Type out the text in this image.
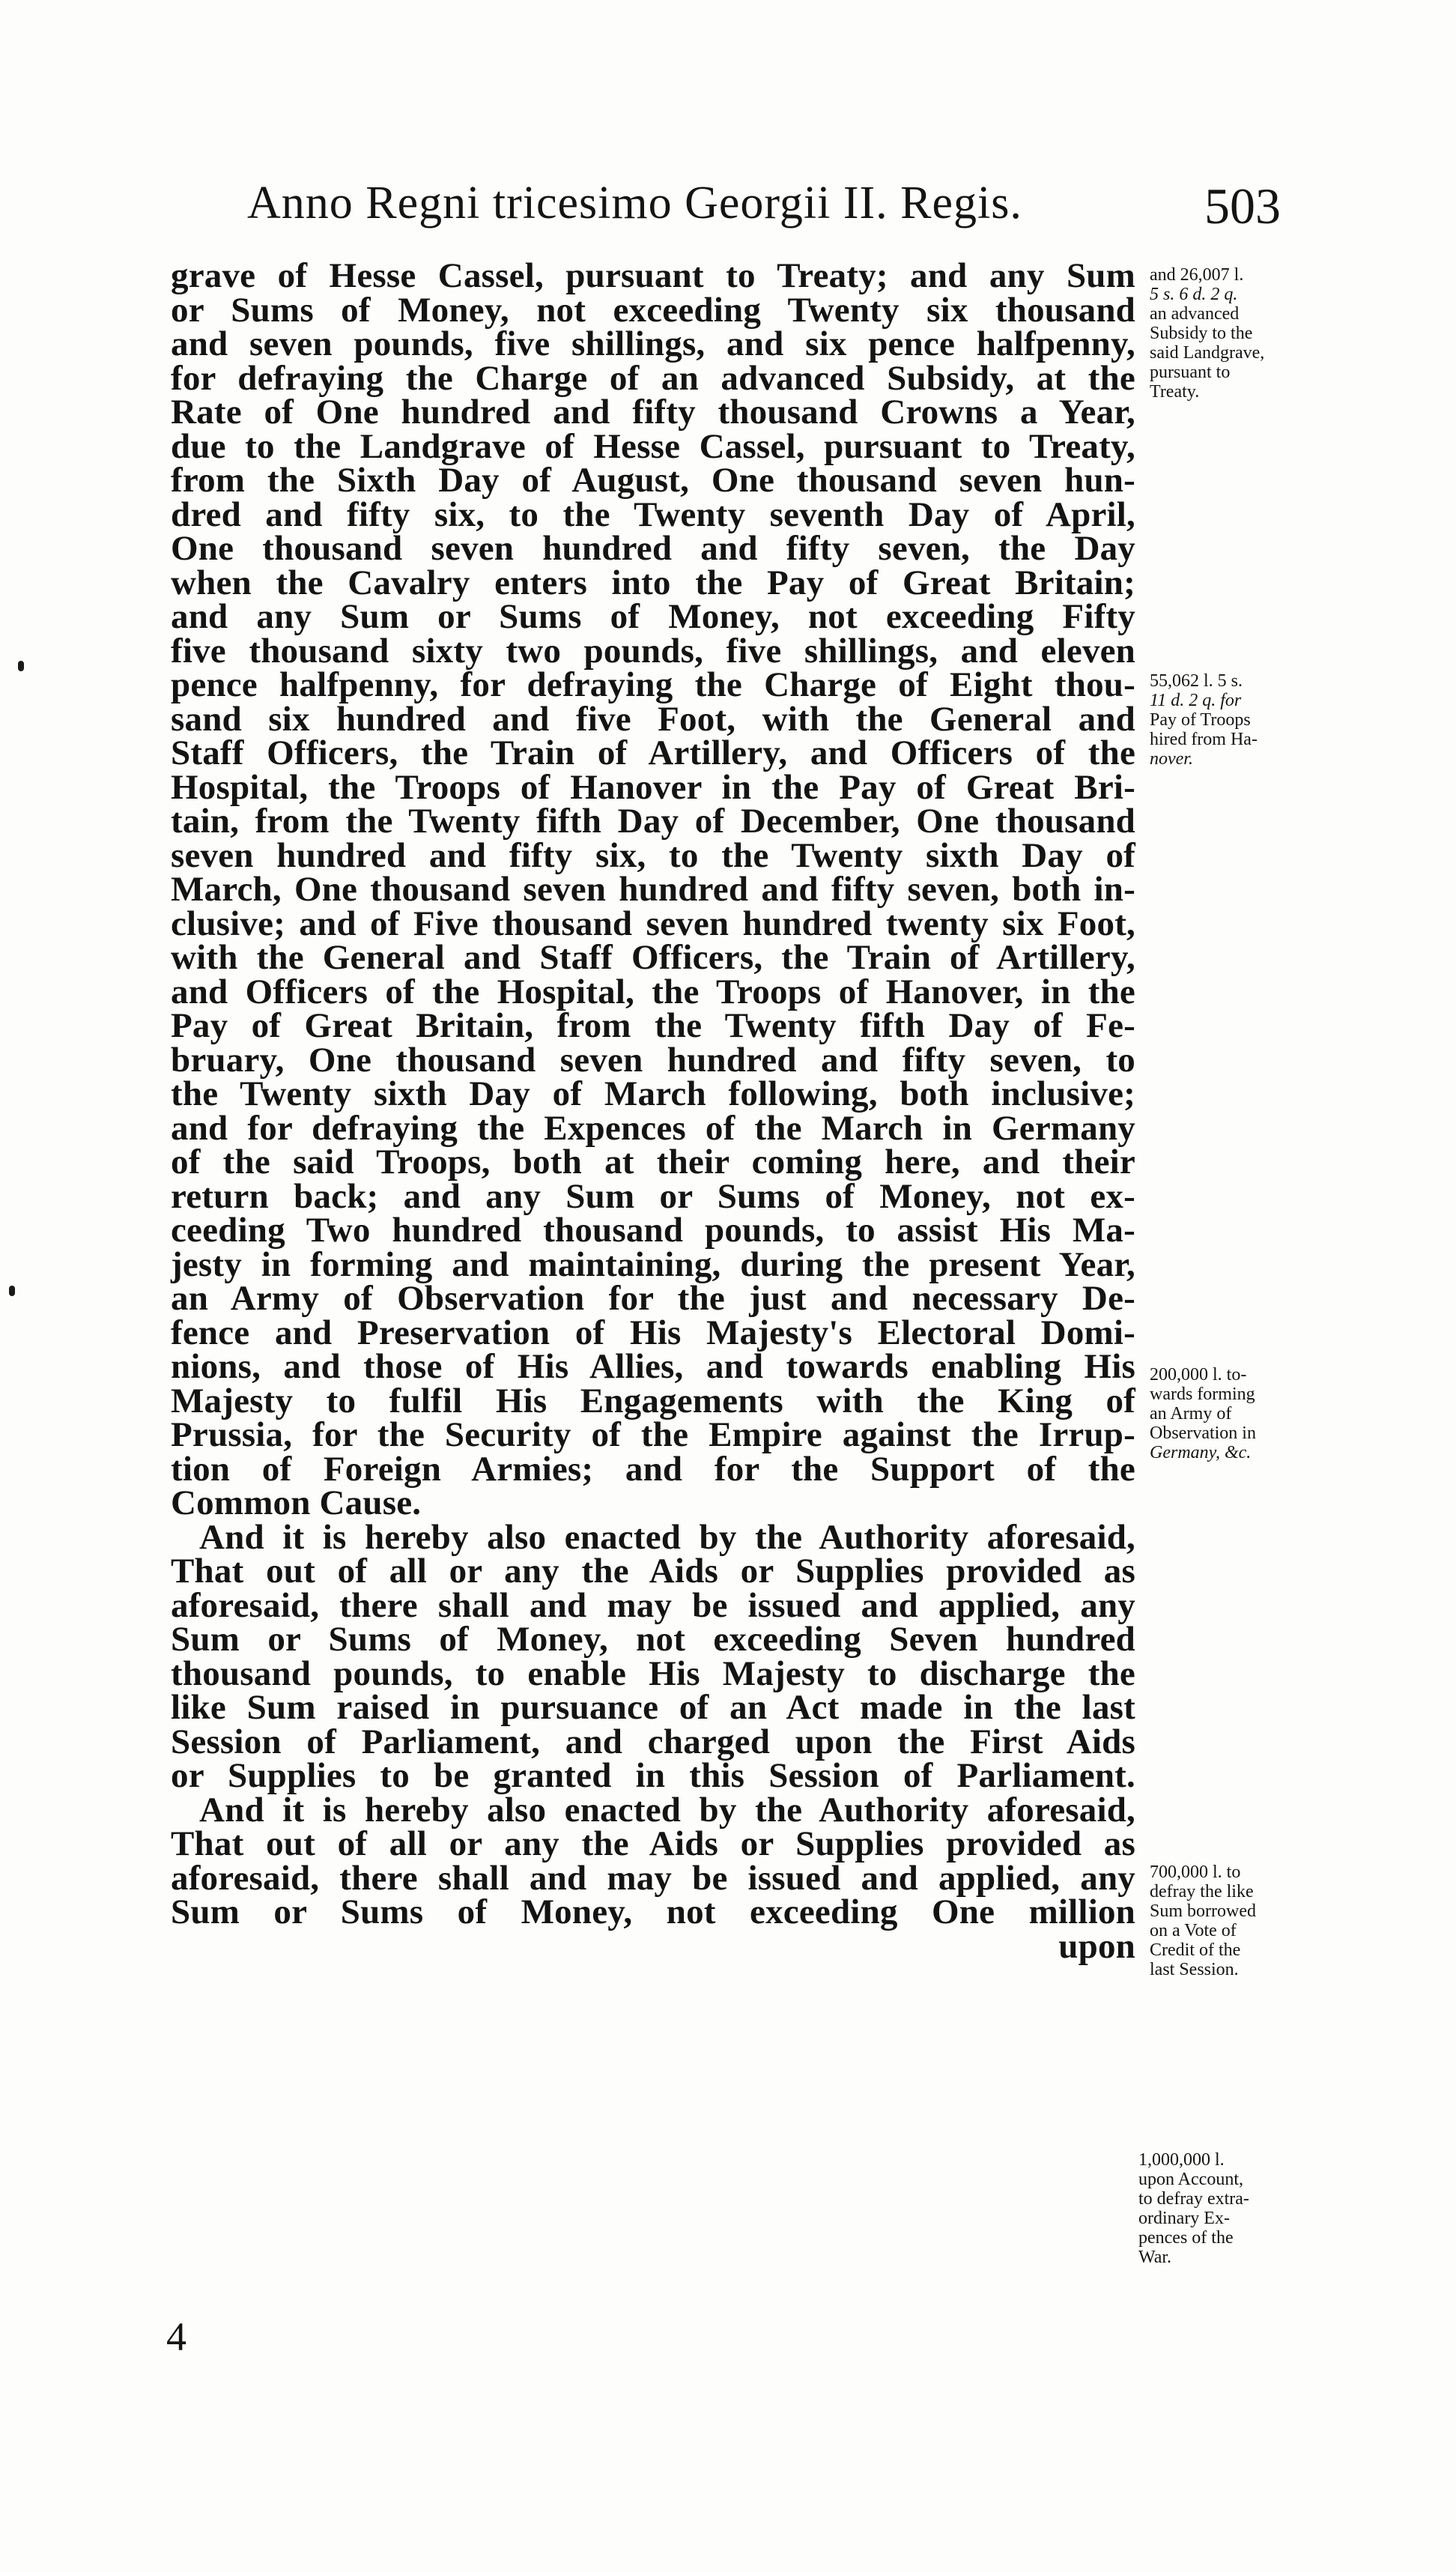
Anno Regni tricesimo Georgii II. Regis.	503
grave of Hesse Cassel, pursuant to Treaty; and any Sum
or Sums of Money, not exceeding Twenty six thousand
and seven pounds, five shillings, and six pence halfpenny,
for defraying the Charge of an advanced Subsidy, at the
Rate of One hundred and fifty thousand Crowns a Year,
due to the Landgrave of Hesse Cassel, pursuant to Treaty,
from the Sixth Day of August, One thousand seven hun-
dred and fifty six, to the Twenty seventh Day of April,
One thousand seven hundred and fifty seven, the Day
when the Cavalry enters into the Pay of Great Britain;
and any Sum or Sums of Money, not exceeding Fifty
five thousand sixty two pounds, five shillings, and eleven
pence halfpenny, for defraying the Charge of Eight thou-
sand six hundred and five Foot, with the General and
Staff Officers, the Train of Artillery, and Officers of the
Hospital, the Troops of Hanover in the Pay of Great Bri-
tain, from the Twenty fifth Day of December, One thousand
seven hundred and fifty six, to the Twenty sixth Day of
March, One thousand seven hundred and fifty seven, both in-
clusive; and of Five thousand seven hundred twenty six Foot,
with the General and Staff Officers, the Train of Artillery,
and Officers of the Hospital, the Troops of Hanover, in the
Pay of Great Britain, from the Twenty fifth Day of Fe-
bruary, One thousand seven hundred and fifty seven, to
the Twenty sixth Day of March following, both inclusive;
and for defraying the Expences of the March in Germany
of the said Troops, both at their coming here, and their
return back; and any Sum or Sums of Money, not ex-
ceeding Two hundred thousand pounds, to assist His Ma-
jesty in forming and maintaining, during the present Year,
an Army of Observation for the just and necessary De-
fence and Preservation of His Majesty's Electoral Domi-
nions, and those of His Allies, and towards enabling His
Majesty to fulfil His Engagements with the King of
Prussia, for the Security of the Empire against the Irrup-
tion of Foreign Armies; and for the Support of the
Common Cause.
And it is hereby also enacted by the Authority aforesaid,
That out of all or any the Aids or Supplies provided as
aforesaid, there shall and may be issued and applied, any
Sum or Sums of Money, not exceeding Seven hundred
thousand pounds, to enable His Majesty to discharge the
like Sum raised in pursuance of an Act made in the last
Session of Parliament, and charged upon the First Aids
or Supplies to be granted in this Session of Parliament.
And it is hereby also enacted by the Authority aforesaid,
That out of all or any the Aids or Supplies provided as
aforesaid, there shall and may be issued and applied, any
Sum or Sums of Money, not exceeding One million
upon
and 26,007 l.
5 s. 6 d. 2 q.
an advanced
Subsidy to the
said Landgrave,
pursuant to
Treaty.
55,062 l. 5 s.
11 d. 2 q. for
Pay of Troops
hired from Ha-
nover.
200,000 l. to-
wards forming
an Army of
Observation in
Germany, &c.
700,000 l. to
defray the like
Sum borrowed
on a Vote of
Credit of the
last Session.
1,000,000 l.
upon Account,
to defray extra-
ordinary Ex-
pences of the
War.
4
